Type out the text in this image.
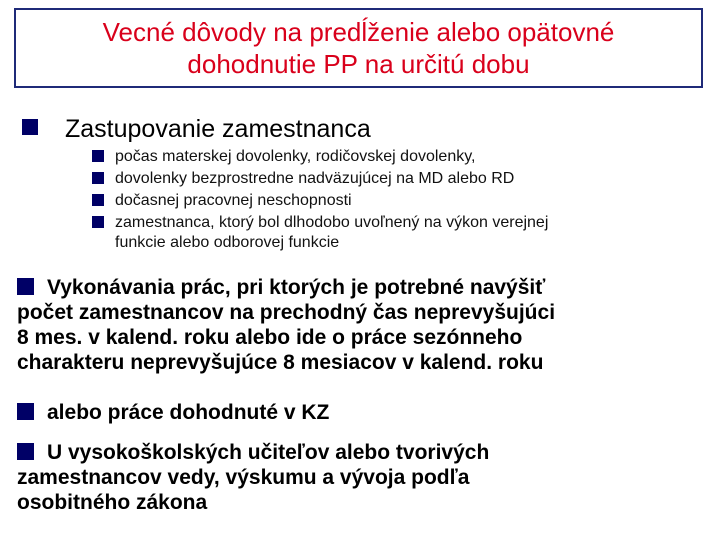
Vecné dôvody na predĺženie alebo opätovné
dohodnutie PP na určitú dobu
Zastupovanie zamestnanca
počas materskej dovolenky, rodičovskej dovolenky,
dovolenky bezprostredne nadväzujúcej na MD alebo RD
dočasnej pracovnej neschopnosti
zamestnanca, ktorý bol dlhodobo uvoľnený na výkon verejnej
funkcie alebo odborovej funkcie
Vykonávania prác, pri ktorých je potrebné navýšiť
počet zamestnancov na prechodný čas neprevyšujúci
8 mes. v kalend. roku alebo ide o práce sezónneho
charakteru neprevyšujúce 8 mesiacov v kalend. roku
alebo práce dohodnuté v KZ
U vysokoškolských učiteľov alebo tvorivých
zamestnancov vedy, výskumu a vývoja podľa
osobitného zákona
